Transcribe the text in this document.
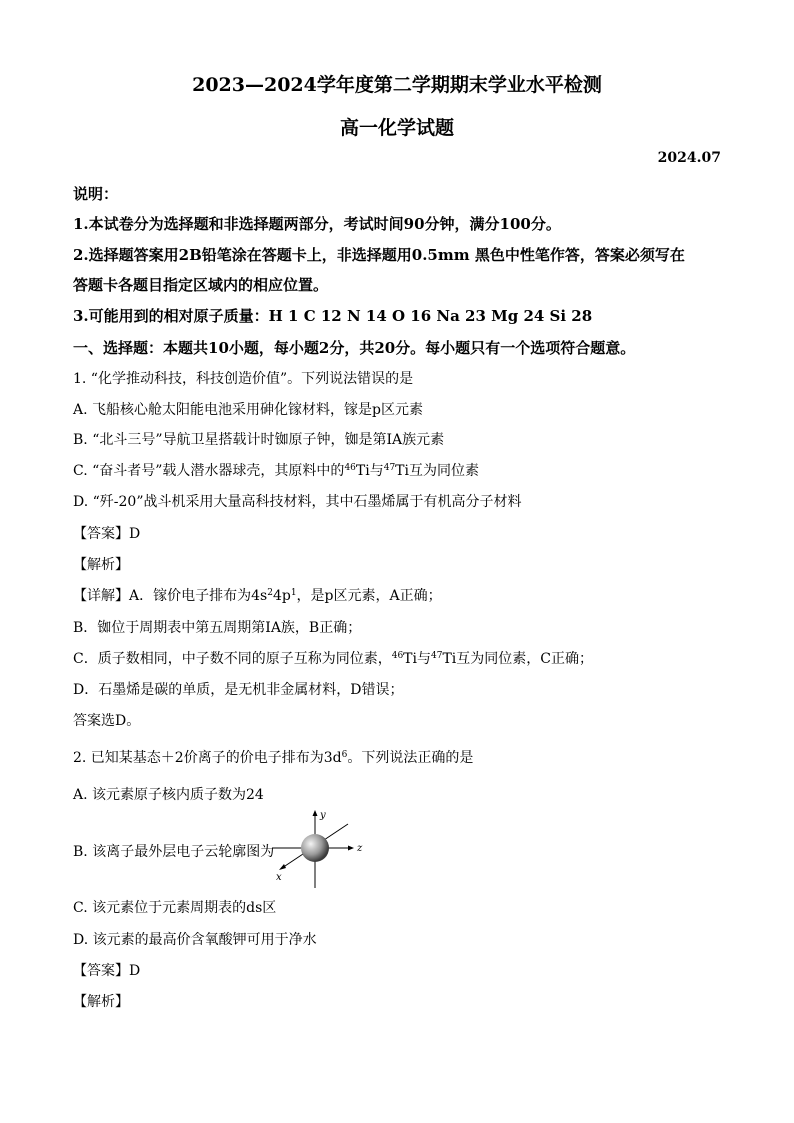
2023—2024学年度第二学期期末学业水平检测
高一化学试题
2024.07
说明：
1.本试卷分为选择题和非选择题两部分，考试时间90分钟，满分100分。
2.选择题答案用2B铅笔涂在答题卡上，非选择题用0.5mm 黑色中性笔作答，答案必须写在
答题卡各题目指定区域内的相应位置。
3.可能用到的相对原子质量：H 1 C 12 N 14 O 16 Na 23 Mg 24 Si 28
一、选择题：本题共10小题，每小题2分，共20分。每小题只有一个选项符合题意。
1. “化学推动科技，科技创造价值”。下列说法错误的是
A. 飞船核心舱太阳能电池采用砷化镓材料，镓是p区元素
B. “北斗三号”导航卫星搭载计时铷原子钟，铷是第ⅠA族元素
C. “奋斗者号”载人潜水器球壳，其原料中的$^{46}$Ti与$^{47}$Ti互为同位素
D. “歼-20”战斗机采用大量高科技材料，其中石墨烯属于有机高分子材料
【答案】D
【解析】
【详解】A．镓价电子排布为$4s^24p^1$，是p区元素，A正确；
B．铷位于周期表中第五周期第ⅠA族，B正确；
C．质子数相同，中子数不同的原子互称为同位素，$^{46}$Ti与$^{47}$Ti互为同位素，C正确；
D．石墨烯是碳的单质，是无机非金属材料，D错误；
答案选D。
2. 已知某基态＋2价离子的价电子排布为$3d^6$。下列说法正确的是
A. 该元素原子核内质子数为24
B. 该离子最外层电子云轮廓图为
y
z
x
C. 该元素位于元素周期表的ds区
D. 该元素的最高价含氧酸钾可用于净水
【答案】D
【解析】
